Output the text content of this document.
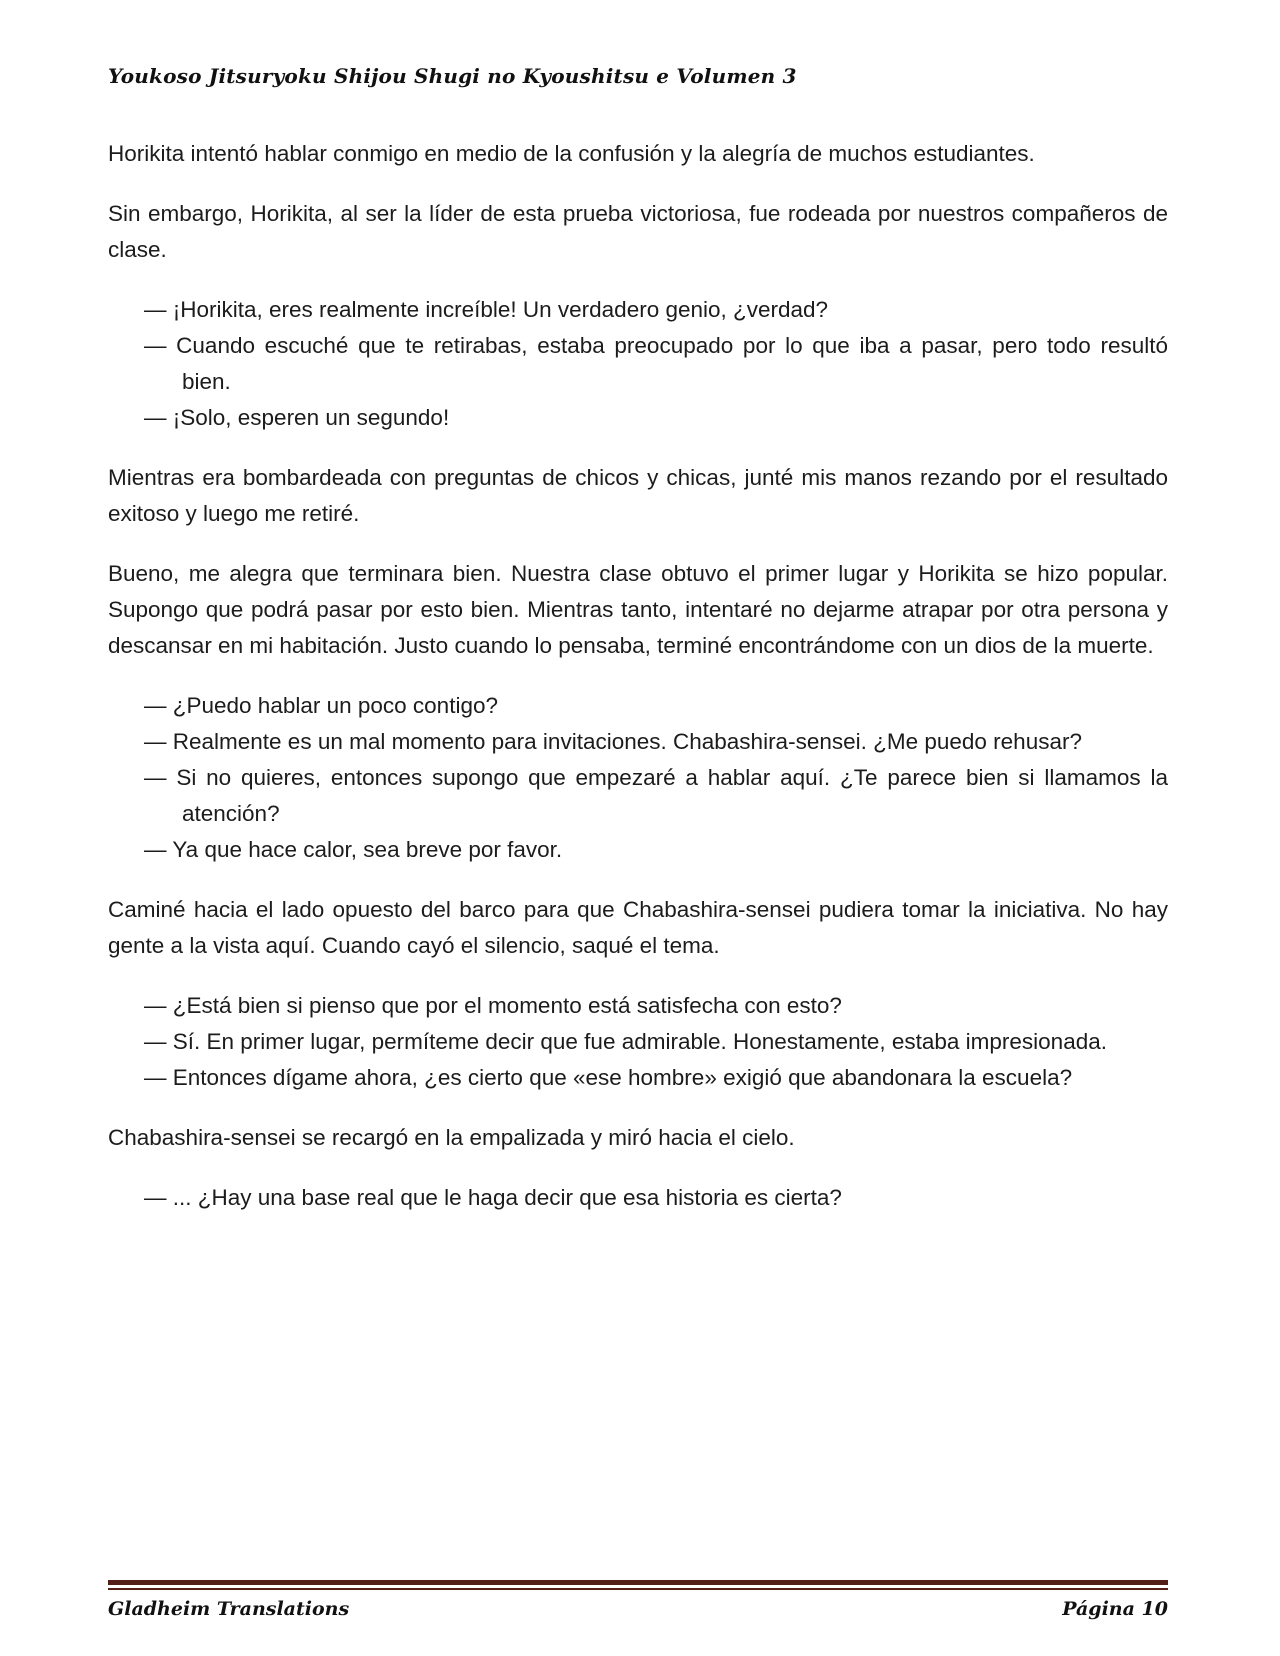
Youkoso Jitsuryoku Shijou Shugi no Kyoushitsu e Volumen 3

Horikita intentó hablar conmigo en medio de la confusión y la alegría de muchos estudiantes.

Sin embargo, Horikita, al ser la líder de esta prueba victoriosa, fue rodeada por nuestros compañeros de clase.

— ¡Horikita, eres realmente increíble! Un verdadero genio, ¿verdad?

— Cuando escuché que te retirabas, estaba preocupado por lo que iba a pasar, pero todo resultó bien.

— ¡Solo, esperen un segundo!

Mientras era bombardeada con preguntas de chicos y chicas, junté mis manos rezando por el resultado exitoso y luego me retiré.

Bueno, me alegra que terminara bien. Nuestra clase obtuvo el primer lugar y Horikita se hizo popular. Supongo que podrá pasar por esto bien. Mientras tanto, intentaré no dejarme atrapar por otra persona y descansar en mi habitación. Justo cuando lo pensaba, terminé encontrándome con un dios de la muerte.

— ¿Puedo hablar un poco contigo?

— Realmente es un mal momento para invitaciones. Chabashira-sensei. ¿Me puedo rehusar?

— Si no quieres, entonces supongo que empezaré a hablar aquí. ¿Te parece bien si llamamos la atención?

— Ya que hace calor, sea breve por favor.

Caminé hacia el lado opuesto del barco para que Chabashira-sensei pudiera tomar la iniciativa. No hay gente a la vista aquí. Cuando cayó el silencio, saqué el tema.

— ¿Está bien si pienso que por el momento está satisfecha con esto?

— Sí. En primer lugar, permíteme decir que fue admirable. Honestamente, estaba impresionada.

— Entonces dígame ahora, ¿es cierto que «ese hombre» exigió que abandonara la escuela?

Chabashira-sensei se recargó en la empalizada y miró hacia el cielo.

— ... ¿Hay una base real que le haga decir que esa historia es cierta?

Gladheim Translations	Página 10
